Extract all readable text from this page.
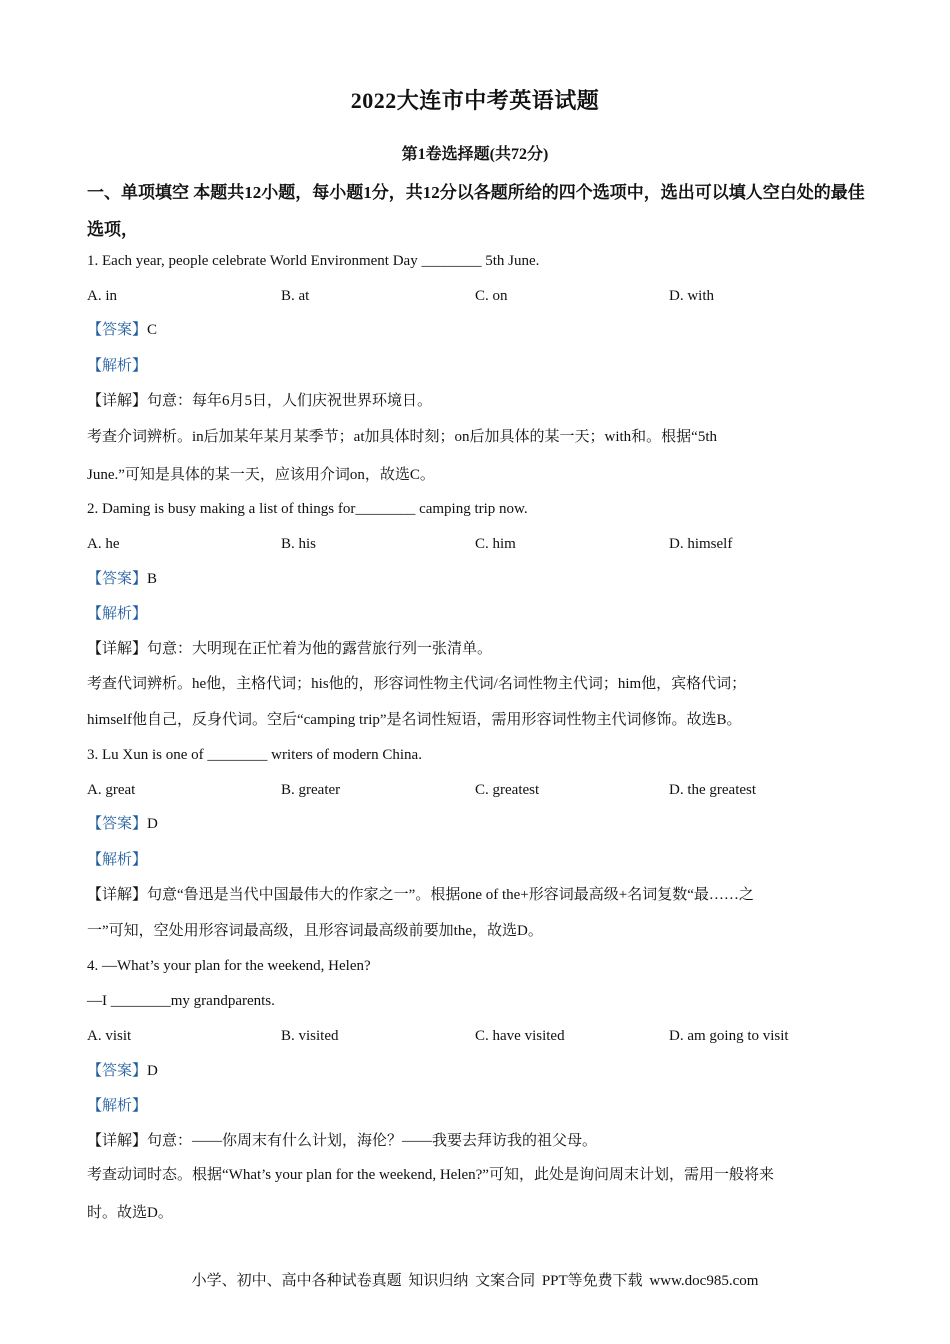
2022大连市中考英语试题
第1卷选择题(共72分)
一、单项填空 本题共12小题，每小题1分，共12分以各题所给的四个选项中，选出可以填人空白处的最佳选项，
1. Each year, people celebrate World Environment Day ________ 5th June.
A. in	B. at	C. on	D. with
【答案】C
【解析】
【详解】句意：每年6月5日，人们庆祝世界环境日。
考查介词辨析。in后加某年某月某季节；at加具体时刻；on后加具体的某一天；with和。根据“5th
June.”可知是具体的某一天，应该用介词on，故选C。
2. Daming is busy making a list of things for________ camping trip now.
A. he	B. his	C. him	D. himself
【答案】B
【解析】
【详解】句意：大明现在正忙着为他的露营旅行列一张清单。
考查代词辨析。he他，主格代词；his他的，形容词性物主代词/名词性物主代词；him他，宾格代词；
himself他自己，反身代词。空后“camping trip”是名词性短语，需用形容词性物主代词修饰。故选B。
3. Lu Xun is one of ________ writers of modern China.
A. great	B. greater	C. greatest	D. the greatest
【答案】D
【解析】
【详解】句意“鲁迅是当代中国最伟大的作家之一”。根据one of the+形容词最高级+名词复数“最……之
一”可知，空处用形容词最高级，且形容词最高级前要加the，故选D。
4. —What’s your plan for the weekend, Helen?
—I ________my grandparents.
A. visit	B. visited	C. have visited	D. am going to visit
【答案】D
【解析】
【详解】句意：——你周末有什么计划，海伦？——我要去拜访我的祖父母。
考查动词时态。根据“What’s your plan for the weekend, Helen?”可知，此处是询问周末计划，需用一般将来
时。故选D。
小学、初中、高中各种试卷真题 知识归纳 文案合同 PPT等免费下载 www.doc985.com
